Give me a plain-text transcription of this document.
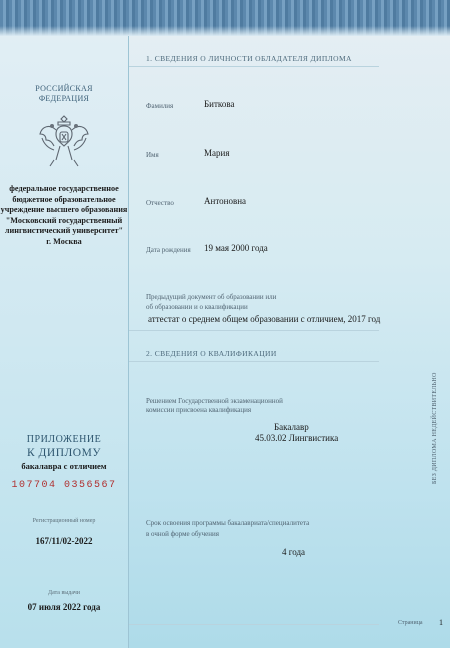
РОССИЙСКАЯ
ФЕДЕРАЦИЯ
федеральное государственное
бюджетное образовательное
учреждение высшего образования
"Московский государственный
лингвистический университет"
г. Москва
ПРИЛОЖЕНИЕ
К ДИПЛОМУ
бакалавра с отличием
107704 0356567
Регистрационный номер
167/11/02-2022
Дата выдачи
07 июля 2022 года
1. СВЕДЕНИЯ О ЛИЧНОСТИ ОБЛАДАТЕЛЯ ДИПЛОМА
Фамилия	Биткова
Имя	Мария
Отчество	Антоновна
Дата рождения 19 мая 2000 года
Предыдущий документ об образовании или
об образовании и о квалификации
аттестат о среднем общем образовании с отличием, 2017 год
2. СВЕДЕНИЯ О КВАЛИФИКАЦИИ
Решением Государственной экзаменационной
комиссии присвоена квалификация
Бакалавр
45.03.02 Лингвистика
Срок освоения программы бакалавриата/специалитета
в очной форме обучения
4 года
БЕЗ ДИПЛОМА НЕДЕЙСТВИТЕЛЬНО
Страница 1
